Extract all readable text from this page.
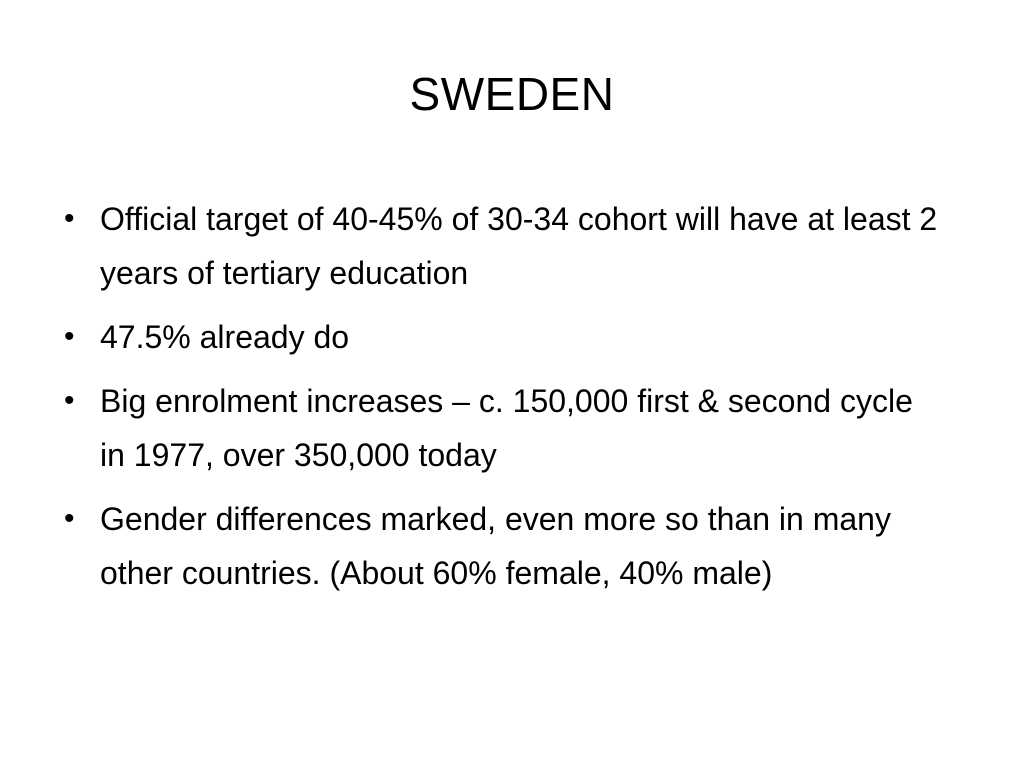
SWEDEN
• Official target of 40-45% of 30-34 cohort will have at least 2 years of tertiary education
• 47.5% already do
• Big enrolment increases – c. 150,000 first & second cycle in 1977, over 350,000 today
• Gender differences marked, even more so than in many other countries. (About 60% female, 40% male)
